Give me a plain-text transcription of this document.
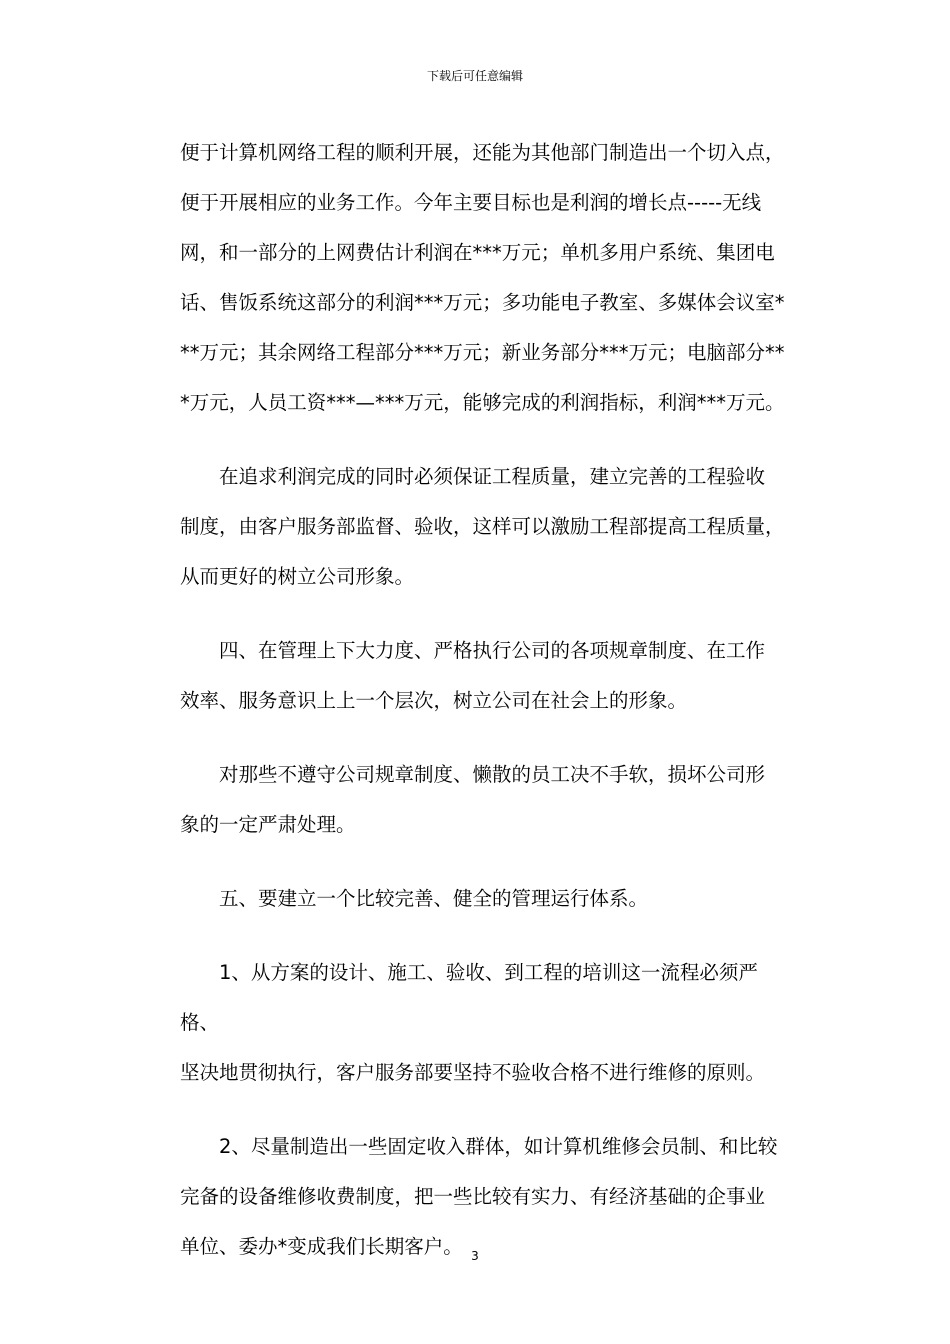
下载后可任意编辑
便于计算机网络工程的顺利开展，还能为其他部门制造出一个切入点，
便于开展相应的业务工作。今年主要目标也是利润的增长点-----无线
网，和一部分的上网费估计利润在***万元；单机多用户系统、集团电
话、售饭系统这部分的利润***万元；多功能电子教室、多媒体会议室*
**万元；其余网络工程部分***万元；新业务部分***万元；电脑部分**
*万元，人员工资***—***万元，能够完成的利润指标，利润***万元。
在追求利润完成的同时必须保证工程质量，建立完善的工程验收
制度，由客户服务部监督、验收，这样可以激励工程部提高工程质量，
从而更好的树立公司形象。
四、在管理上下大力度、严格执行公司的各项规章制度、在工作
效率、服务意识上上一个层次，树立公司在社会上的形象。
对那些不遵守公司规章制度、懒散的员工决不手软，损坏公司形
象的一定严肃处理。
五、要建立一个比较完善、健全的管理运行体系。
1、从方案的设计、施工、验收、到工程的培训这一流程必须严格、
坚决地贯彻执行，客户服务部要坚持不验收合格不进行维修的原则。
2、尽量制造出一些固定收入群体，如计算机维修会员制、和比较
完备的设备维修收费制度，把一些比较有实力、有经济基础的企事业
单位、委办*变成我们长期客户。 3
